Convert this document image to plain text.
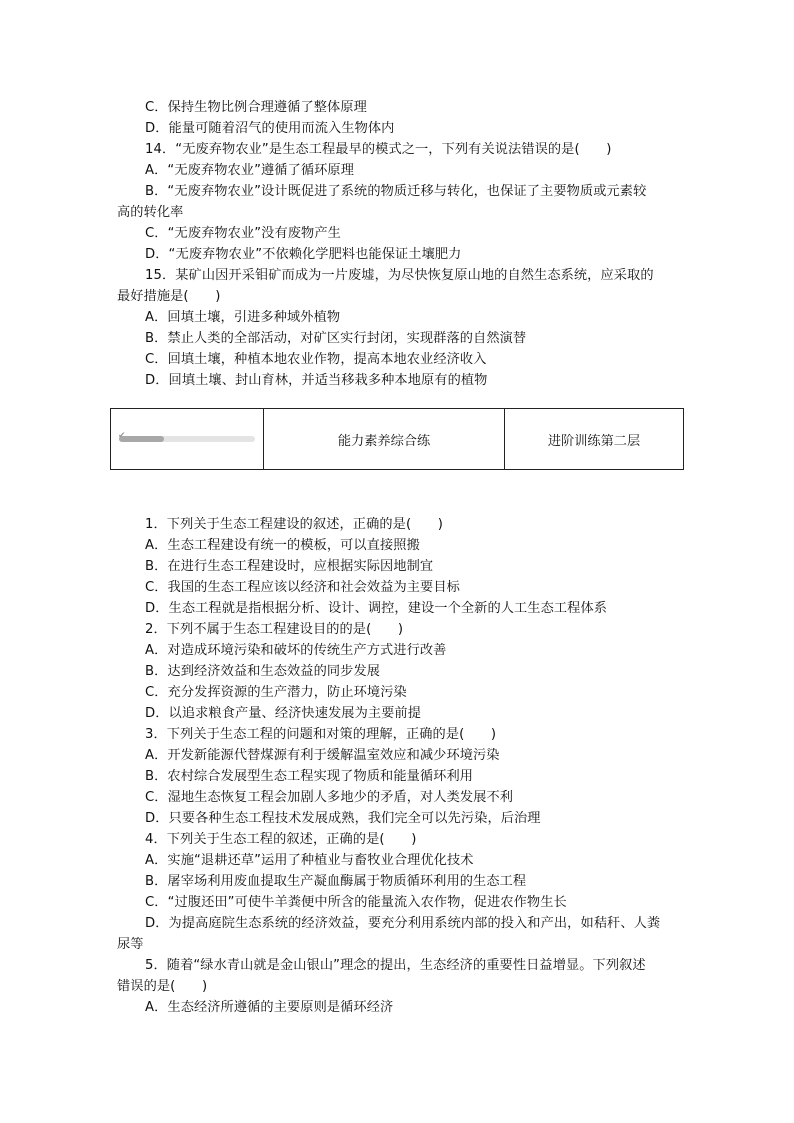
C．保持生物比例合理遵循了整体原理
D．能量可随着沼气的使用而流入生物体内
14．“无废弃物农业”是生态工程最早的模式之一，下列有关说法错误的是(　　)
A．“无废弃物农业”遵循了循环原理
B．“无废弃物农业”设计既促进了系统的物质迁移与转化，也保证了主要物质或元素较
高的转化率
C．“无废弃物农业”没有废物产生
D．“无废弃物农业”不依赖化学肥料也能保证土壤肥力
15．某矿山因开采钼矿而成为一片废墟，为尽快恢复原山地的自然生态系统，应采取的
最好措施是(　　)
A．回填土壤，引进多种域外植物
B．禁止人类的全部活动，对矿区实行封闭，实现群落的自然演替
C．回填土壤，种植本地农业作物，提高本地农业经济收入
D．回填土壤、封山育林，并适当移栽多种本地原有的植物
✔	能力素养综合练	进阶训练第二层
1．下列关于生态工程建设的叙述，正确的是(　　)
A．生态工程建设有统一的模板，可以直接照搬
B．在进行生态工程建设时，应根据实际因地制宜
C．我国的生态工程应该以经济和社会效益为主要目标
D．生态工程就是指根据分析、设计、调控，建设一个全新的人工生态工程体系
2．下列不属于生态工程建设目的的是(　　)
A．对造成环境污染和破坏的传统生产方式进行改善
B．达到经济效益和生态效益的同步发展
C．充分发挥资源的生产潜力，防止环境污染
D．以追求粮食产量、经济快速发展为主要前提
3．下列关于生态工程的问题和对策的理解，正确的是(　　)
A．开发新能源代替煤源有利于缓解温室效应和减少环境污染
B．农村综合发展型生态工程实现了物质和能量循环利用
C．湿地生态恢复工程会加剧人多地少的矛盾，对人类发展不利
D．只要各种生态工程技术发展成熟，我们完全可以先污染，后治理
4．下列关于生态工程的叙述，正确的是(　　)
A．实施“退耕还草”运用了种植业与畜牧业合理优化技术
B．屠宰场利用废血提取生产凝血酶属于物质循环利用的生态工程
C．“过腹还田”可使牛羊粪便中所含的能量流入农作物，促进农作物生长
D．为提高庭院生态系统的经济效益，要充分利用系统内部的投入和产出，如秸秆、人粪
尿等
5．随着“绿水青山就是金山银山”理念的提出，生态经济的重要性日益增显。下列叙述
错误的是(　　)
A．生态经济所遵循的主要原则是循环经济
